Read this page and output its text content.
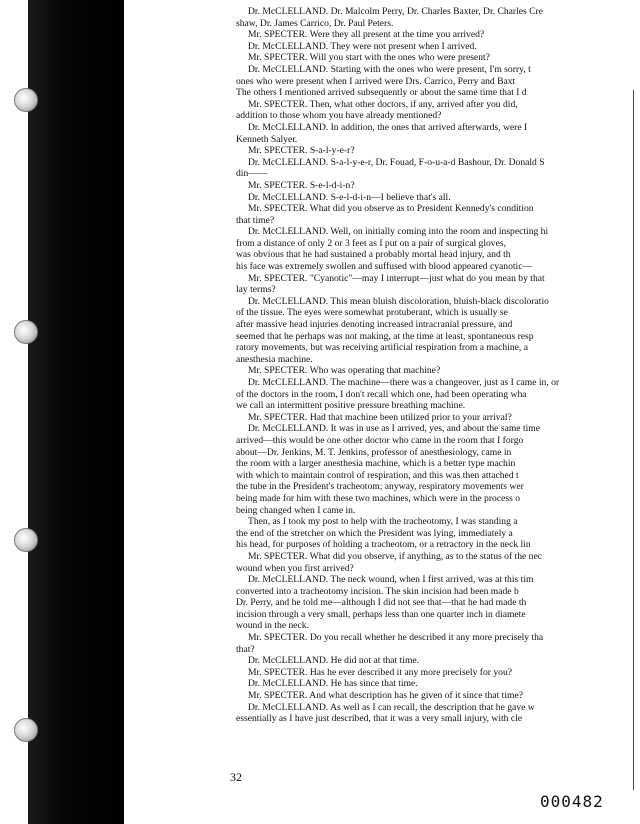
Dr. McCLELLAND. Dr. Malcolm Perry, Dr. Charles Baxter, Dr. Charles Cre
shaw, Dr. James Carrico, Dr. Paul Peters.
Mr. SPECTER. Were they all present at the time you arrived?
Dr. McCLELLAND. They were not present when I arrived.
Mr. SPECTER. Will you start with the ones who were present?
Dr. McCLELLAND. Starting with the ones who were present, I'm sorry, t
ones who were present when I arrived were Drs. Carrico, Perry and Baxt
The others I mentioned arrived subsequently or about the same time that I d
Mr. SPECTER. Then, what other doctors, if any, arrived after you did,
addition to those whom you have already mentioned?
Dr. McCLELLAND. In addition, the ones that arrived afterwards, were I
Kenneth Salyer.
Mr. SPECTER. S-a-l-y-e-r?
Dr. McCLELLAND. S-a-l-y-e-r, Dr. Fouad, F-o-u-a-d Bashour, Dr. Donald S
din——
Mr. SPECTER. S-e-l-d-i-n?
Dr. McCLELLAND. S-e-l-d-i-n—I believe that's all.
Mr. SPECTER. What did you observe as to President Kennedy's condition
that time?
Dr. McCLELLAND. Well, on initially coming into the room and inspecting hi
from a distance of only 2 or 3 feet as I put on a pair of surgical gloves,
was obvious that he had sustained a probably mortal head injury, and th
his face was extremely swollen and suffused with blood appeared cyanotic—
Mr. SPECTER. "Cyanotic"—may I interrupt—just what do you mean by that
lay terms?
Dr. McCLELLAND. This mean bluish discoloration, bluish-black discoloratio
of the tissue. The eyes were somewhat protuberant, which is usually se
after massive head injuries denoting increased intracranial pressure, and
seemed that he perhaps was not making, at the time at least, spontaneous resp
ratory movements, but was receiving artificial respiration from a machine, a
anesthesia machine.
Mr. SPECTER. Who was operating that machine?
Dr. McCLELLAND. The machine—there was a changeover, just as I came in, or
of the doctors in the room, I don't recall which one, had been operating wha
we call an intermittent positive pressure breathing machine.
Mr. SPECTER. Had that machine been utilized prior to your arrival?
Dr. McCLELLAND. It was in use as I arrived, yes, and about the same time
arrived—this would be one other doctor who came in the room that I forgo
about—Dr. Jenkins, M. T. Jenkins, professor of anesthesiology, came in
the room with a larger anesthesia machine, which is a better type machin
with which to maintain control of respiration, and this was then attached t
the tube in the President's tracheotom; anyway, respiratory movements wer
being made for him with these two machines, which were in the process o
being changed when I came in.
Then, as I took my post to help with the tracheotomy, I was standing a
the end of the stretcher on which the President was lying, immediately a
his head, for purposes of holding a tracheotom, or a retractory in the neck lin
Mr. SPECTER. What did you observe, if anything, as to the status of the nec
wound when you first arrived?
Dr. McCLELLAND. The neck wound, when I first arrived, was at this tim
converted into a tracheotomy incision. The skin incision had been made b
Dr. Perry, and he told me—although I did not see that—that he had made th
incision through a very small, perhaps less than one quarter inch in diamete
wound in the neck.
Mr. SPECTER. Do you recall whether he described it any more precisely tha
that?
Dr. McCLELLAND. He did not at that time.
Mr. SPECTER. Has he ever described it any more precisely for you?
Dr. McCLELLAND. He has since that time.
Mr. SPECTER. And what description has he given of it since that time?
Dr. McCLELLAND. As well as I can recall, the description that he gave w
essentially as I have just described, that it was a very small injury, with cle
32
000482
